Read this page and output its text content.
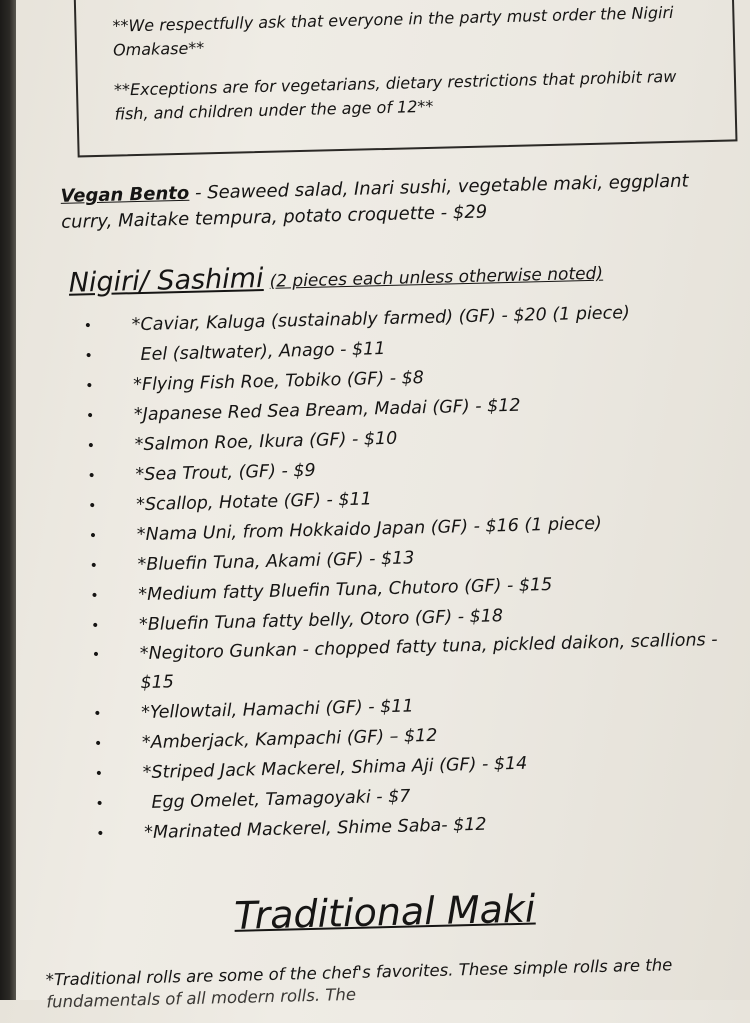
**We respectfully ask that everyone in the party must order the Nigiri Omakase**
**Exceptions are for vegetarians, dietary restrictions that prohibit raw fish, and children under the age of 12**
Vegan Bento - Seaweed salad, Inari sushi, vegetable maki, eggplant curry, Maitake tempura, potato croquette - $29
Nigiri/ Sashimi (2 pieces each unless otherwise noted)
• *Caviar, Kaluga (sustainably farmed) (GF) - $20 (1 piece)
•	Eel (saltwater), Anago - $11
• *Flying Fish Roe, Tobiko (GF) - $8
• *Japanese Red Sea Bream, Madai (GF) - $12
• *Salmon Roe, Ikura (GF) - $10
• *Sea Trout, (GF) - $9
• *Scallop, Hotate (GF) - $11
• *Nama Uni, from Hokkaido Japan (GF) - $16 (1 piece)
• *Bluefin Tuna, Akami (GF) - $13
• *Medium fatty Bluefin Tuna, Chutoro (GF) - $15
• *Bluefin Tuna fatty belly, Otoro (GF) - $18
• *Negitoro Gunkan - chopped fatty tuna, pickled daikon, scallions - $15
• *Yellowtail, Hamachi (GF) - $11
• *Amberjack, Kampachi (GF) – $12
• *Striped Jack Mackerel, Shima Aji (GF) - $14
•	Egg Omelet, Tamagoyaki - $7
• *Marinated Mackerel, Shime Saba- $12
Traditional Maki
*Traditional rolls are some of the chef's favorites. These simple rolls are the
fundamentals of all modern rolls. The
